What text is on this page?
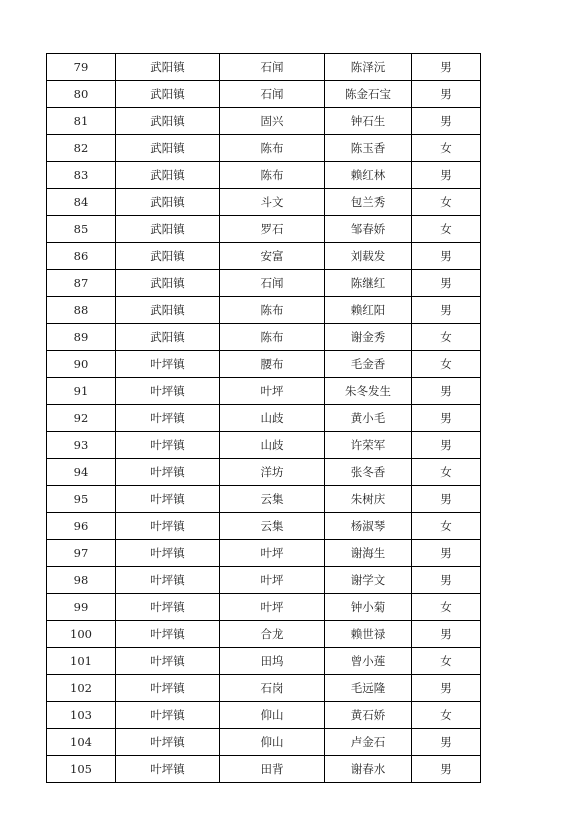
79	武阳镇	石闻	陈泽沅	男
80	武阳镇	石闻	陈金石宝	男
81	武阳镇	固兴	钟石生	男
82	武阳镇	陈布	陈玉香	女
83	武阳镇	陈布	赖红林	男
84	武阳镇	斗文	包兰秀	女
85	武阳镇	罗石	邹春娇	女
86	武阳镇	安富	刘载发	男
87	武阳镇	石闻	陈继红	男
88	武阳镇	陈布	赖红阳	男
89	武阳镇	陈布	谢金秀	女
90	叶坪镇	腰布	毛金香	女
91	叶坪镇	叶坪	朱冬发生	男
92	叶坪镇	山歧	黄小毛	男
93	叶坪镇	山歧	许荣军	男
94	叶坪镇	洋坊	张冬香	女
95	叶坪镇	云集	朱树庆	男
96	叶坪镇	云集	杨淑琴	女
97	叶坪镇	叶坪	谢海生	男
98	叶坪镇	叶坪	谢学文	男
99	叶坪镇	叶坪	钟小菊	女
100	叶坪镇	合龙	赖世禄	男
101	叶坪镇	田坞	曾小莲	女
102	叶坪镇	石岗	毛远隆	男
103	叶坪镇	仰山	黄石娇	女
104	叶坪镇	仰山	卢金石	男
105	叶坪镇	田背	谢春水	男
